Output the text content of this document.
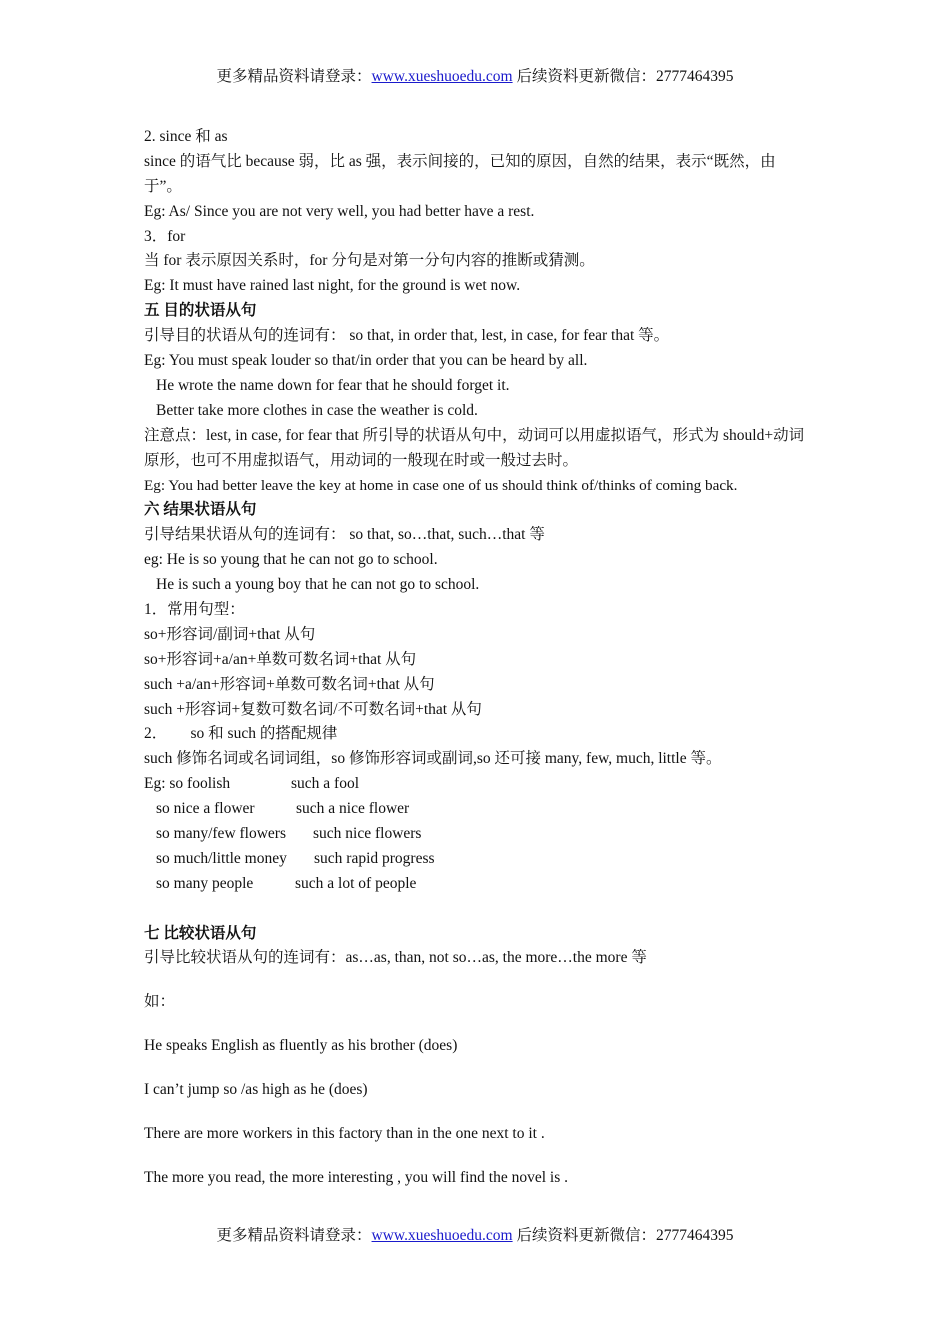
更多精品资料请登录：www.xueshuoedu.com 后续资料更新微信：2777464395
2. since 和 as
since 的语气比 because 弱，比 as 强，表示间接的，已知的原因，自然的结果，表示“既然，由于”。
Eg: As/ Since you are not very well, you had better have a rest.
3．for
当 for 表示原因关系时，for 分句是对第一分句内容的推断或猜测。
Eg: It must have rained last night, for the ground is wet now.
五 目的状语从句
引导目的状语从句的连词有： so that, in order that, lest, in case, for fear that 等。
Eg: You must speak louder so that/in order that you can be heard by all.
He wrote the name down for fear that he should forget it.
Better take more clothes in case the weather is cold.
注意点：lest, in case, for fear that 所引导的状语从句中，动词可以用虚拟语气，形式为 should+动词原形，也可不用虚拟语气，用动词的一般现在时或一般过去时。
Eg: You had better leave the key at home in case one of us should think of/thinks of coming back.
六 结果状语从句
引导结果状语从句的连词有： so that, so…that, such…that 等
eg: He is so young that he can not go to school.
He is such a young boy that he can not go to school.
1．常用句型：
so+形容词/副词+that 从句
so+形容词+a/an+单数可数名词+that 从句
such +a/an+形容词+单数可数名词+that 从句
such +形容词+复数可数名词/不可数名词+that 从句
2．　　so 和 such 的搭配规律
such 修饰名词或名词词组，so 修饰形容词或副词,so 还可接 many, few, much, little 等。
Eg: so foolish	such a fool
so nice a flower	such a nice flower
so many/few flowers such nice flowers
so much/little money such rapid progress
so many people	such a lot of people
七 比较状语从句
引导比较状语从句的连词有：as…as, than, not so…as, the more…the more 等
如：
He speaks English as fluently as his brother (does)
I can’t jump so /as high as he (does)
There are more workers in this factory than in the one next to it .
The more you read, the more interesting , you will find the novel is .
更多精品资料请登录：www.xueshuoedu.com 后续资料更新微信：2777464395
